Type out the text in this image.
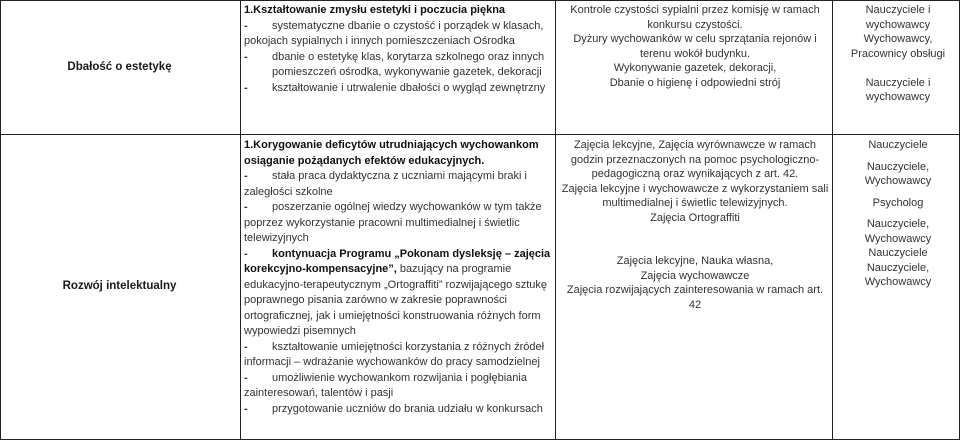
Dbałość o estetykę
1.Kształtowanie zmysłu estetyki i poczucia piękna
- systematyczne dbanie o czystość i porządek w klasach, pokojach sypialnych i innych pomieszczeniach Ośrodka
- dbanie o estetykę klas, korytarza szkolnego oraz innych pomieszczeń ośrodka, wykonywanie gazetek, dekoracji
- kształtowanie i utrwalenie dbałości o wygląd zewnętrzny
Kontrole czystości sypialni przez komisję w ramach konkursu czystości.
Dyżury wychowanków w celu sprzątania rejonów i terenu wokół budynku.
Wykonywanie gazetek, dekoracji,
Dbanie o higienę i odpowiedni strój
Nauczyciele i wychowawcy
Wychowawcy, Pracownicy obsługi
Nauczyciele i wychowawcy
Rozwój intelektualny
1.Korygowanie deficytów utrudniających wychowankom osiąganie pożądanych efektów edukacyjnych.
- stała praca dydaktyczna z uczniami mającymi braki i zaległości szkolne
- poszerzanie ogólnej wiedzy wychowanków w tym także poprzez wykorzystanie pracowni multimedialnej i świetlic telewizyjnych
- kontynuacja Programu „Pokonam dysleksję – zajęcia korekcyjno-kompensacyjne”, bazujący na programie edukacyjno-terapeutycznym „Ortograffiti” rozwijającego sztukę poprawnego pisania zarówno w zakresie poprawności ortograficznej, jak i umiejętności konstruowania różnych form wypowiedzi pisemnych
- kształtowanie umiejętności korzystania z różnych źródeł informacji – wdrażanie wychowanków do pracy samodzielnej
- umożliwienie wychowankom rozwijania i pogłębiania zainteresowań, talentów i pasji
- przygotowanie uczniów do brania udziału w konkursach
Zajęcia lekcyjne, Zajęcia wyrównawcze w ramach godzin przeznaczonych na pomoc psychologiczno-pedagogiczną oraz wynikających z art. 42.
Zajęcia lekcyjne i wychowawcze z wykorzystaniem sali multimedialnej i świetlic telewizyjnych.
Zajęcia Ortograffiti
Zajęcia lekcyjne, Nauka własna, Zajęcia wychowawcze
Zajęcia rozwijających zainteresowania w ramach art. 42
Nauczyciele
Nauczyciele, Wychowawcy
Psycholog
Nauczyciele, Wychowawcy
Nauczyciele
Nauczyciele, Wychowawcy
